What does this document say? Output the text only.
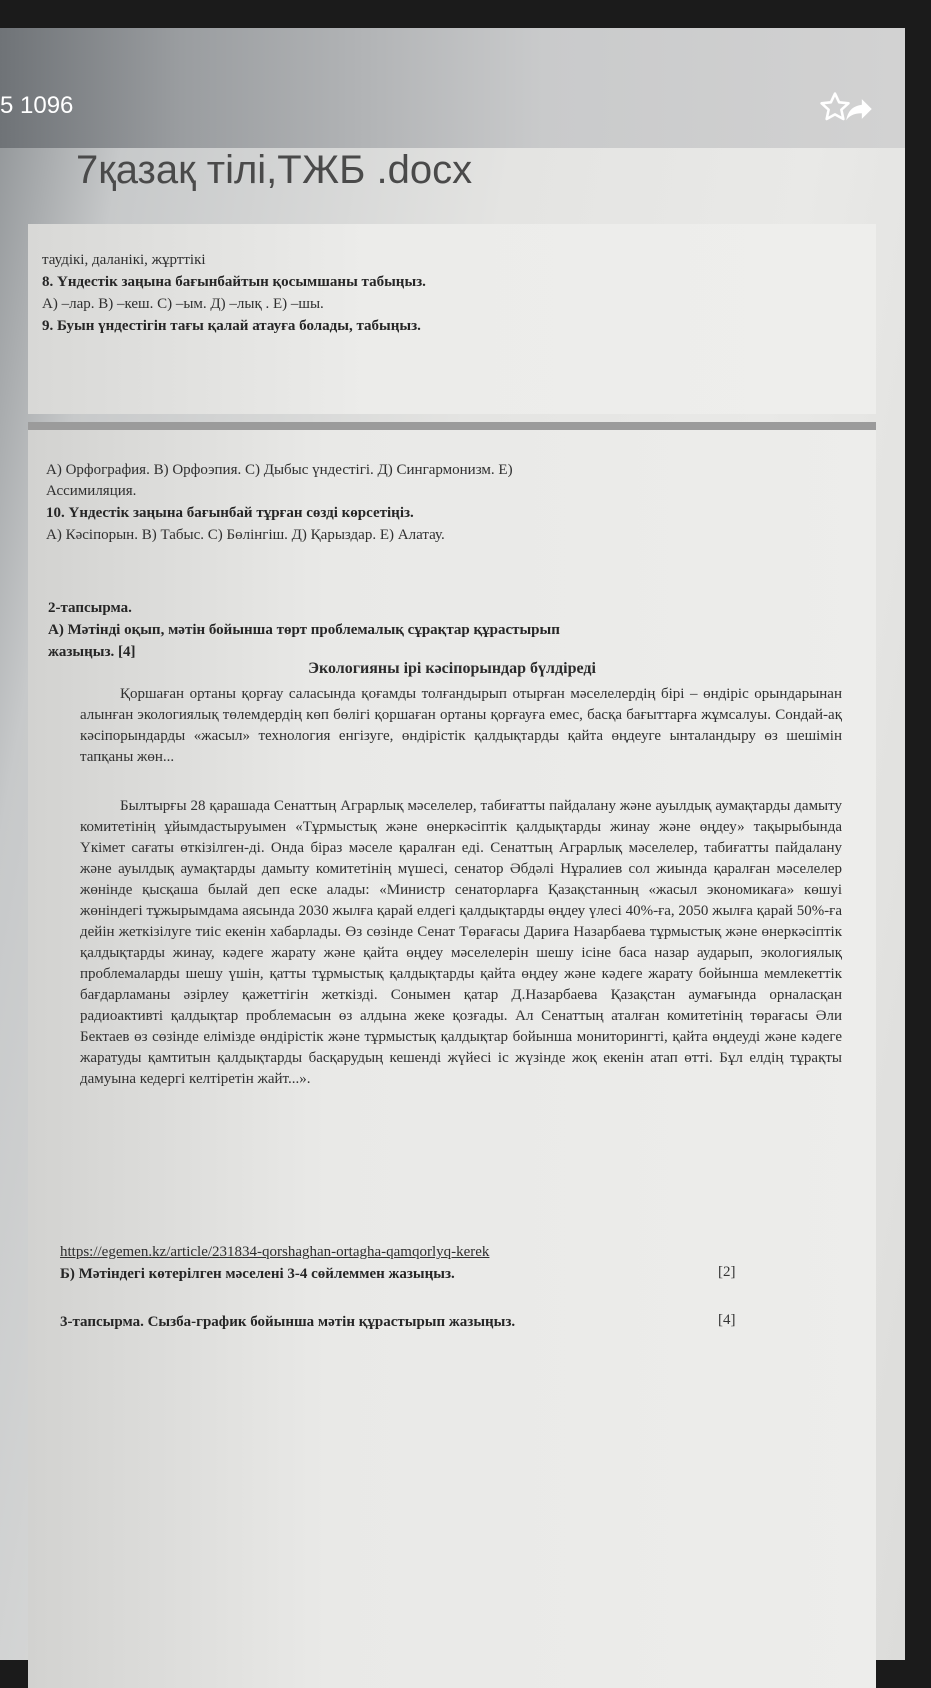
5 1096
7қазақ тілі,ТЖБ .docx
таудікі, даланікі, жұрттікі
8. Үндестік заңына бағынбайтын қосымшаны табыңыз.
А) –лар. В) –кеш. С) –ым. Д) –лық . Е) –шы.
9. Буын үндестігін тағы қалай атауға болады, табыңыз.
А) Орфография. В) Орфоэпия. С) Дыбыс үндестігі. Д) Сингармонизм. Е)
Ассимиляция.
10. Үндестік заңына бағынбай тұрған сөзді көрсетіңіз.
А) Кәсіпорын. В) Табыс. С) Бөлінгіш. Д) Қарыздар. Е) Алатау.
2-тапсырма.
А) Мәтінді оқып, мәтін бойынша төрт проблемалық сұрақтар құрастырып
жазыңыз. [4]
Экологияны ірі кәсіпорындар бүлдіреді
Қоршаған ортаны қорғау саласында қоғамды толғандырып отырған мәселелердің бірі – өндіріс орындарынан алынған экологиялық төлемдердің көп бөлігі қоршаған ортаны қорғауға емес, басқа бағыттарға жұмсалуы. Сондай-ақ кәсіпорындарды «жасыл» технология енгізуге, өндірістік қалдықтарды қайта өңдеуге ынталандыру өз шешімін тапқаны жөн...
Былтырғы 28 қарашада Сенаттың Аграрлық мәселелер, табиғатты пайдалану және ауылдық аумақтарды дамыту комитетінің ұйымдастыруымен «Тұрмыстық және өнеркәсіптік қалдықтарды жинау және өңдеу» тақырыбында Үкімет сағаты өткізілген-ді. Онда біраз мәселе қаралған еді. Сенаттың Аграрлық мәселелер, табиғатты пайдалану және ауылдық аумақтарды дамыту комитетінің мүшесі, сенатор Әбдәлі Нұралиев сол жиында қаралған мәселелер жөнінде қысқаша былай деп еске алады: «Министр сенаторларға Қазақстанның «жасыл экономикаға» көшуі жөніндегі тұжырымдама аясында 2030 жылға қарай елдегі қалдықтарды өңдеу үлесі 40%-ға, 2050 жылға қарай 50%-ға дейін жеткізілуге тиіс екенін хабарлады. Өз сөзінде Сенат Төрағасы Дариға Назарбаева тұрмыстық және өнеркәсіптік қалдықтарды жинау, кәдеге жарату және қайта өңдеу мәселелерін шешу ісіне баса назар аударып, экологиялық проблемаларды шешу үшін, қатты тұрмыстық қалдықтарды қайта өңдеу және кәдеге жарату бойынша мемлекеттік бағдарламаны әзірлеу қажеттігін жеткізді. Сонымен қатар Д.Назарбаева Қазақстан аумағында орналасқан радиоактивті қалдықтар проблемасын өз алдына жеке қозғады. Ал Сенаттың аталған комитетінің төрағасы Әли Бектаев өз сөзінде елімізде өндірістік және тұрмыстық қалдықтар бойынша мониторингті, қайта өңдеуді және кәдеге жаратуды қамтитын қалдықтарды басқарудың кешенді жүйесі іс жүзінде жоқ екенін атап өтті. Бұл елдің тұрақты дамуына кедергі келтіретін жайт...».
https://egemen.kz/article/231834-qorshaghan-ortagha-qamqorlyq-kerek
Б) Мәтіндегі көтерілген мәселені 3-4 сөйлеммен жазыңыз.	[2]
3-тапсырма. Сызба-график бойынша мәтін құрастырып жазыңыз.	[4]
